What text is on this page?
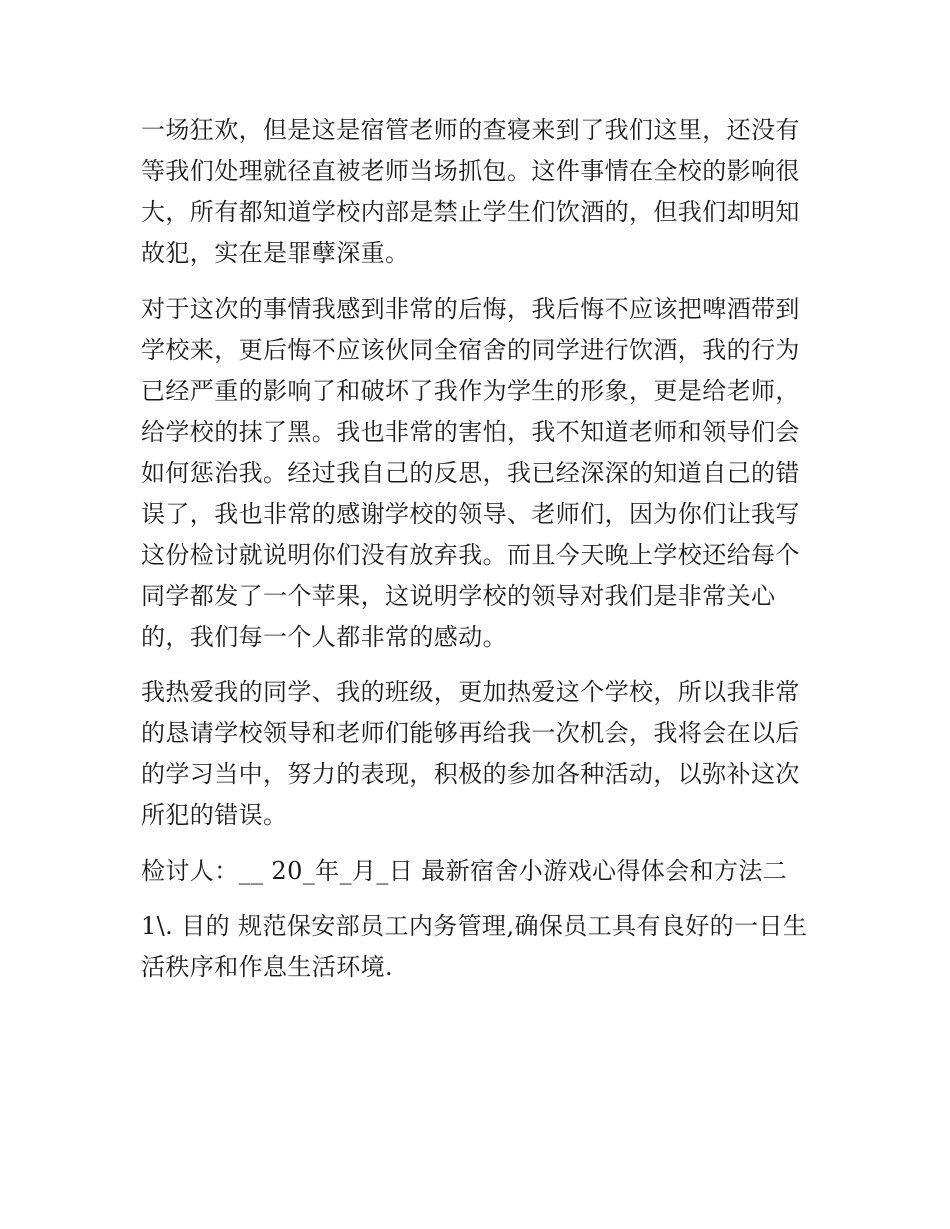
一场狂欢，但是这是宿管老师的查寝来到了我们这里，还没有
等我们处理就径直被老师当场抓包。这件事情在全校的影响很
大，所有都知道学校内部是禁止学生们饮酒的，但我们却明知
故犯，实在是罪孽深重。
对于这次的事情我感到非常的后悔，我后悔不应该把啤酒带到
学校来，更后悔不应该伙同全宿舍的同学进行饮酒，我的行为
已经严重的影响了和破坏了我作为学生的形象，更是给老师，
给学校的抹了黑。我也非常的害怕，我不知道老师和领导们会
如何惩治我。经过我自己的反思，我已经深深的知道自己的错
误了，我也非常的感谢学校的领导、老师们，因为你们让我写
这份检讨就说明你们没有放弃我。而且今天晚上学校还给每个
同学都发了一个苹果，这说明学校的领导对我们是非常关心
的，我们每一个人都非常的感动。
我热爱我的同学、我的班级，更加热爱这个学校，所以我非常
的恳请学校领导和老师们能够再给我一次机会，我将会在以后
的学习当中，努力的表现，积极的参加各种活动，以弥补这次
所犯的错误。
检讨人：__ 20_年_月_日 最新宿舍小游戏心得体会和方法二
1\. 目的 规范保安部员工内务管理,确保员工具有良好的一日生
活秩序和作息生活环境.
